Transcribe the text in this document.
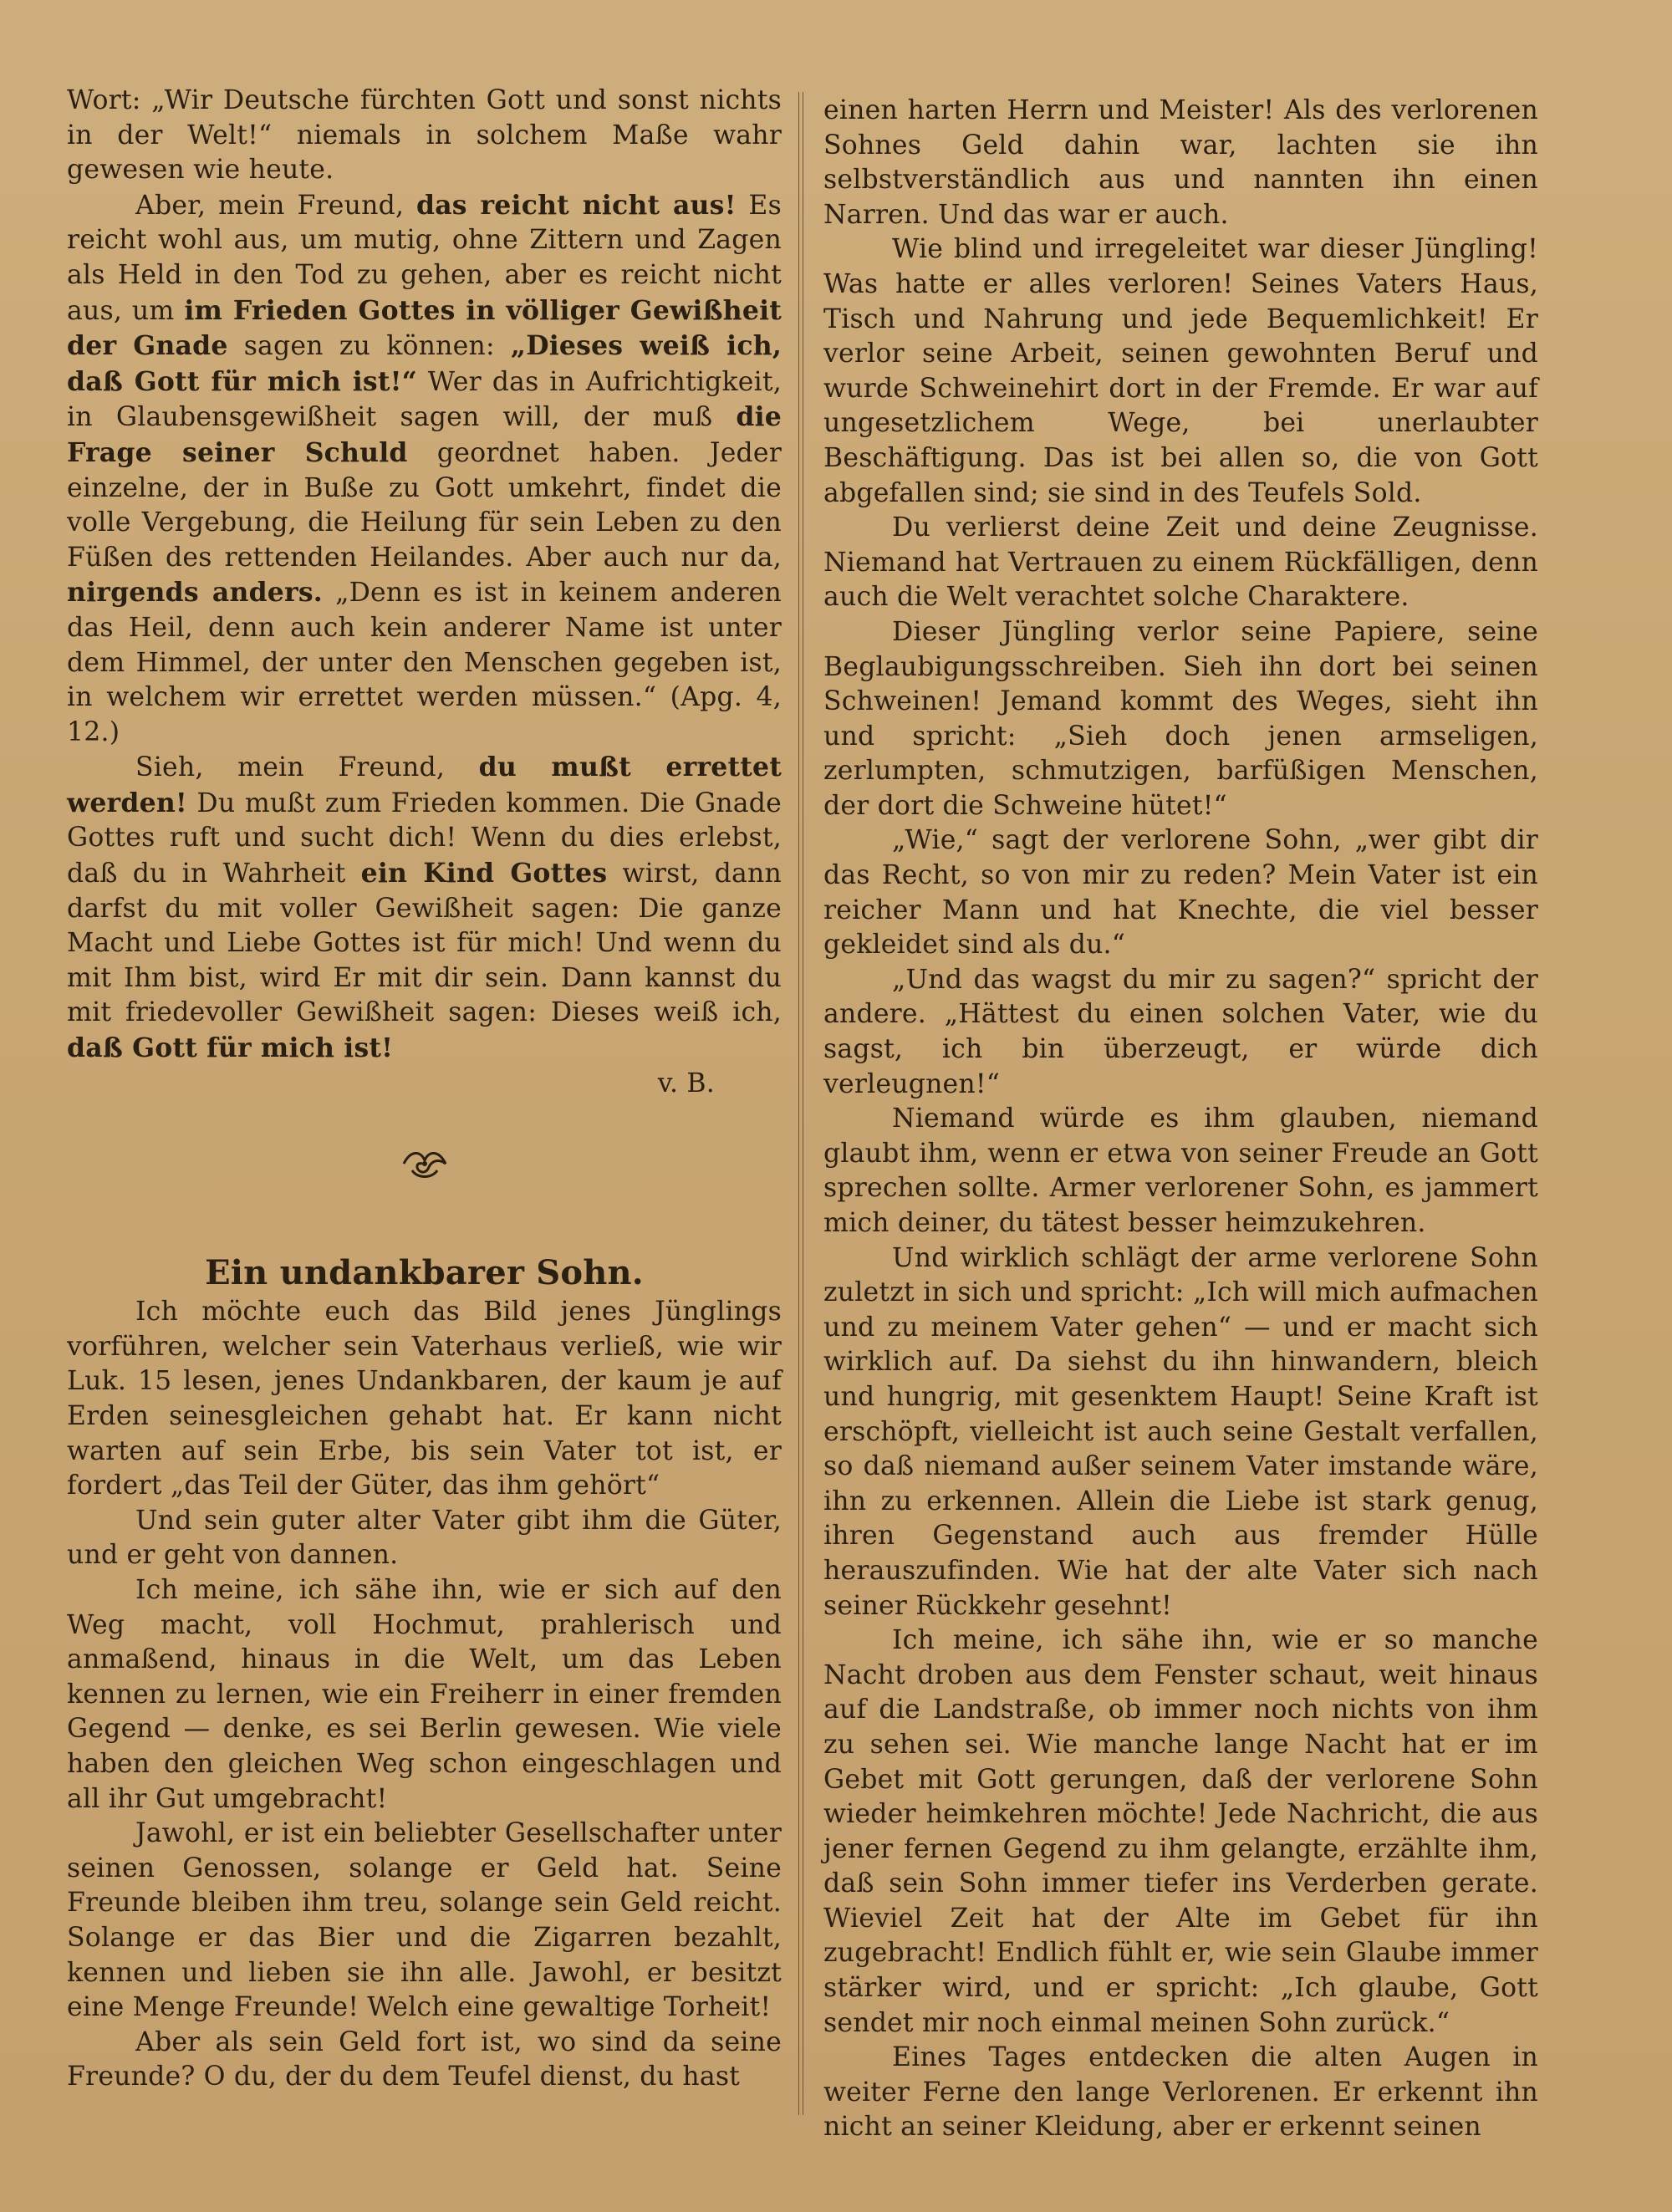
Wort: „Wir Deutsche fürchten Gott und sonst nichts in der Welt!“ niemals in solchem Maße wahr gewesen wie heute.

Aber, mein Freund, das reicht nicht aus! Es reicht wohl aus, um mutig, ohne Zittern und Zagen als Held in den Tod zu gehen, aber es reicht nicht aus, um im Frieden Gottes in völliger Gewißheit der Gnade sagen zu können: „Dieses weiß ich, daß Gott für mich ist!“ Wer das in Aufrichtigkeit, in Glaubensgewißheit sagen will, der muß die Frage seiner Schuld geordnet haben. Jeder einzelne, der in Buße zu Gott umkehrt, findet die volle Vergebung, die Heilung für sein Leben zu den Füßen des rettenden Heilandes. Aber auch nur da, nirgends anders. „Denn es ist in keinem anderen das Heil, denn auch kein anderer Name ist unter dem Himmel, der unter den Menschen gegeben ist, in welchem wir errettet werden müssen.“ (Apg. 4, 12.)

Sieh, mein Freund, du mußt errettet werden! Du mußt zum Frieden kommen. Die Gnade Gottes ruft und sucht dich! Wenn du dies erlebst, daß du in Wahrheit ein Kind Gottes wirst, dann darfst du mit voller Gewißheit sagen: Die ganze Macht und Liebe Gottes ist für mich! Und wenn du mit Ihm bist, wird Er mit dir sein. Dann kannst du mit friedevoller Gewißheit sagen: Dieses weiß ich, daß Gott für mich ist!

v. B.

Ein undankbarer Sohn.

Ich möchte euch das Bild jenes Jünglings vorführen, welcher sein Vaterhaus verließ, wie wir Luk. 15 lesen, jenes Undankbaren, der kaum je auf Erden seinesgleichen gehabt hat. Er kann nicht warten auf sein Erbe, bis sein Vater tot ist, er fordert „das Teil der Güter, das ihm gehört“

Und sein guter alter Vater gibt ihm die Güter, und er geht von dannen.

Ich meine, ich sähe ihn, wie er sich auf den Weg macht, voll Hochmut, prahlerisch und anmaßend, hinaus in die Welt, um das Leben kennen zu lernen, wie ein Freiherr in einer fremden Gegend — denke, es sei Berlin gewesen. Wie viele haben den gleichen Weg schon eingeschlagen und all ihr Gut umgebracht!

Jawohl, er ist ein beliebter Gesellschafter unter seinen Genossen, solange er Geld hat. Seine Freunde bleiben ihm treu, solange sein Geld reicht. Solange er das Bier und die Zigarren bezahlt, kennen und lieben sie ihn alle. Jawohl, er besitzt eine Menge Freunde! Welch eine gewaltige Torheit!

Aber als sein Geld fort ist, wo sind da seine Freunde? O du, der du dem Teufel dienst, du hast

einen harten Herrn und Meister! Als des verlorenen Sohnes Geld dahin war, lachten sie ihn selbstverständlich aus und nannten ihn einen Narren. Und das war er auch.

Wie blind und irregeleitet war dieser Jüngling! Was hatte er alles verloren! Seines Vaters Haus, Tisch und Nahrung und jede Bequemlichkeit! Er verlor seine Arbeit, seinen gewohnten Beruf und wurde Schweinehirt dort in der Fremde. Er war auf ungesetzlichem Wege, bei unerlaubter Beschäftigung. Das ist bei allen so, die von Gott abgefallen sind; sie sind in des Teufels Sold.

Du verlierst deine Zeit und deine Zeugnisse. Niemand hat Vertrauen zu einem Rückfälligen, denn auch die Welt verachtet solche Charaktere.

Dieser Jüngling verlor seine Papiere, seine Beglaubigungsschreiben. Sieh ihn dort bei seinen Schweinen! Jemand kommt des Weges, sieht ihn und spricht: „Sieh doch jenen armseligen, zerlumpten, schmutzigen, barfüßigen Menschen, der dort die Schweine hütet!“

„Wie,“ sagt der verlorene Sohn, „wer gibt dir das Recht, so von mir zu reden? Mein Vater ist ein reicher Mann und hat Knechte, die viel besser gekleidet sind als du.“

„Und das wagst du mir zu sagen?“ spricht der andere. „Hättest du einen solchen Vater, wie du sagst, ich bin überzeugt, er würde dich verleugnen!“

Niemand würde es ihm glauben, niemand glaubt ihm, wenn er etwa von seiner Freude an Gott sprechen sollte. Armer verlorener Sohn, es jammert mich deiner, du tätest besser heimzukehren.

Und wirklich schlägt der arme verlorene Sohn zuletzt in sich und spricht: „Ich will mich aufmachen und zu meinem Vater gehen“ — und er macht sich wirklich auf. Da siehst du ihn hinwandern, bleich und hungrig, mit gesenktem Haupt! Seine Kraft ist erschöpft, vielleicht ist auch seine Gestalt verfallen, so daß niemand außer seinem Vater imstande wäre, ihn zu erkennen. Allein die Liebe ist stark genug, ihren Gegenstand auch aus fremder Hülle herauszufinden. Wie hat der alte Vater sich nach seiner Rückkehr gesehnt!

Ich meine, ich sähe ihn, wie er so manche Nacht droben aus dem Fenster schaut, weit hinaus auf die Landstraße, ob immer noch nichts von ihm zu sehen sei. Wie manche lange Nacht hat er im Gebet mit Gott gerungen, daß der verlorene Sohn wieder heimkehren möchte! Jede Nachricht, die aus jener fernen Gegend zu ihm gelangte, erzählte ihm, daß sein Sohn immer tiefer ins Verderben gerate. Wieviel Zeit hat der Alte im Gebet für ihn zugebracht! Endlich fühlt er, wie sein Glaube immer stärker wird, und er spricht: „Ich glaube, Gott sendet mir noch einmal meinen Sohn zurück.“

Eines Tages entdecken die alten Augen in weiter Ferne den lange Verlorenen. Er erkennt ihn nicht an seiner Kleidung, aber er erkennt seinen
